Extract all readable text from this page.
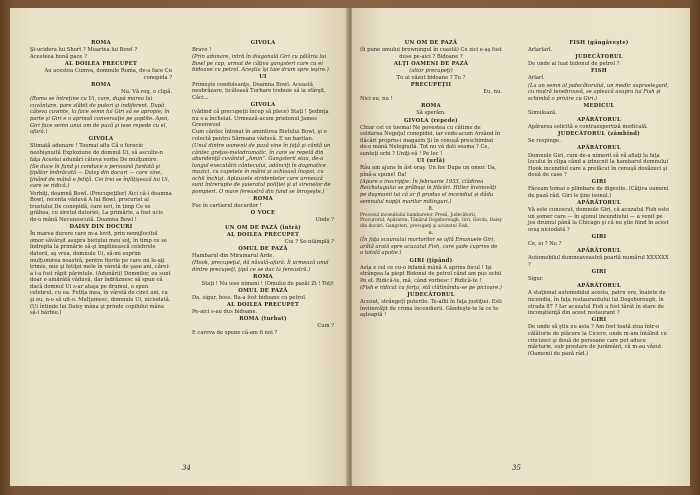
ROMA

Şi-ucidera lui Short ? Moartea lui Bowl ?

Acesteea bună pace ?

AL DOILEA PRECUPET

Au acestea Cumva, domnule Roma, de-a face Cu conopida ?

ROMA

Nu. Vă rog, o clipă.

(Roma se întreţine cu Ui, care, după marea lui cuvântare, pare slăbit de puteri şi indiferent. După câteva cuvinte, la face semn lui Giri să se apropie; în parte şi Giri e o aprinsă conversaţie pe şoptite. Apoi, Giri face semn unui om de pază şi iese repede cu el, afară.)

GIVOLA

Stimată adunare ! Toemai aflu Că o ferocie neobişnuită Exploziune de domnul Ui, să asculte-n faţa Acestei adunări câteva vorbe De mulţumire.

(Se duce în fund şi conduce o persoană fardată şi ţipător îmbrăcată — Daisy din docuri — care vine, ţinând de mână o fetiţă. Cei trei se înfăţişează lui Ui, care se ridică.)

Vorbiţi, doamnă Bowl. (Precupeţilor) Aici câ-i doamna Bowl, recenta văduvă A lui Bowl, procurist al trustului De conopidă, care ieri, în timp Ce se grăbea, cu siretul datoriei, La primărie, a fost ucis de-o mână Necunoscută. Doamna Bowl !

DAISY DIN DOCURI

În marea durere care m-a lovit, prin nemijlocitul omor săvârşit asupra bietului meu soţ, în timp ce se îndrepta la primărie să-şi împlinească celebrele datorii, aş vrea, domnule Ui, să-mi exprim mulţumirea noastră, pentru florile pe care mi le-aţi trimis, mie şi fetiţei mele în vârstă de şase ani, cărei-a i-a fost răpit părintele. (Adunării) Domnilor, eu sunt doar o amărâtă văduvă, dar îndrăznesc să spun că dacă domnul Ui s-ar ataşa pe drumul, o spun celebrul, cu ea. Fetiţa mea, în vârstă de cinci ani, ca şi eu, n-o să uit-o. Mulţumesc, domnule Ui, niciodată. (Ui întinde lui Daisy mâna şi prinde copilului mâna să-i bărbie.)

GIVOLA

Bravo !

(Prin adunare, intră în diagonală Giri cu pălăria lui Bowl pe cap, urmat de câţiva gangsteri care cu ei bidoane cu petrol. Aceştia îşi taie drum spre ieşire.)

UI

Primeşte condoleanţe, Doamna Bowl. Această neobrăzare, ticăloasă Turbare trebuie să ia sfârşit, Căci...

GIVOLA

(vădind că precupeţii încep să plece) Staţi ! Şedinţa nu s-a încheiat. Urmează-acum prietenul James Greenwool

Cum cântec întonat în amintirea Bietului Bowl, şi o colectă pentru Sărmana văduvă. E un baritan.

(Unul dintre oamenii de pază vine în faţă şi cântă un cântec greţos-melodramatic, în care se repetă din abundenţă cuvântul „Amin”. Gangsterii stau, de-a lungul executării cântecului, adânciţi în dogmatice muzici, cu capetele în mâini şi ochioasă înapoi, cu ochii închişi. Aplauzele stridentelor care urmează sunt întrerupte de şuieratul poliţiei şi al sirenelor de pompieri. O mare fereastră din fund se înroşeşte.)

ROMA

Foc în cartierul docurilor !

O VOCE

Unde ?

UN OM DE PAZĂ (intră)

AL DOILEA PRECUPET

Cui ? Se-ntâmplă ?

OMUL DE PAZĂ

Hambarul din Miramarul Arde.

(Hook, precupeţul, dă năvală-afară. Îi urmează unul dintre precupeţi, ţipă ce se duc la fereastră.)

ROMA

Staţi ! Nu iese nimeni ! (Omului de pază) Zi ! Toţi!

OMUL DE PAZĂ

Da, sigur, boss. Ba-a fost bidoane cu petrol.

AL DOILEA PRECUPET

Pe-aici s-au dus bidoane.

ROMA (turbat)

Cum ?

E careva de spune că-am fi noi ?

34

UN OM DE PAZĂ

(îi pune omului browningul în coastă) Ce zici e-aş fost duse pe-aici ? Bidoane ?

ALŢI OAMENI DE PAZĂ

(altor precupeţi)

Tu ai văzut bidoane ? Tu ?

PRECUPEŢII

Eu, nu.

Nici eu, nu !

ROMA

Să sperăm.

GIVOLA (repede)

Chiar cel ce toemai Ne povestea cu câtime de soldarea Negoţul conopidei, iar vede-acum Arzând în flăcări propriu-i magazin Şi în cenuşă preschimbat de-o mână Nelegiuită. Tot nu vă dati seama ? Ce, sunteţi orbi ? Uniţi-vă ! Pe loc !

UI (urlă)

Râu am ajuns în ăst oraş. Un foc Dupa un omor. Da, pînă-a spune! Da!

(Apare o inscripţie: În februarie 1933, clădirea Reichstagului se prăbuşi în flăcări. Hitler învinovăţi pe duşmanii lui că ar fi produs el incendiul şi dădu semnalul nopţii marilor mitinguri.)

8.

Procesul incendiului hambarelor. Presă, Judecătorii, Procurorul, Apărarea, Tânărul Dogsborough, Giri, Givola, Daisy din docuri. Gangsteri, precupeţi şi acuzatul Fish.

a.

(În faţa scaunului martorilor se află Emanuele Giri, arătă arată spre acuzatul Fish, care şade cuprins de o totală apatie.)

GIRI (ţipând)

Asta e cel ce cu-o infamă mână A aprins focul ! Işi strângea la piept Bidonul de petrol când am pus ochii Pe el. Ridică-te, mă, când vorbesc ! Ridică-te !

(Fish e ridicat cu forţa, stă clătinându-se pe picioare.)

JUDECĂTORUL

Acuzat, strângeţi puterile. Te-aflii în faţa justiţiei. Esti învinovăţit de crima incendierii. Gândeşte-te la ce te aşteaptă !

FISH (gângăveşte)

Arlarlarl.

JUDECĂTORUL

De unde ai luat bidonul de petrol ?

FISH

Arlarl.

(La un semn al judecătorului, un medic supraelegant, cu mutră tenebroasă, se apleacă asupra lui Fish şi schimbă o privire cu Giri.)

MEDICUL

Simulează.

APĂRĂTORUL

Apărarea solicită o contraexpertiză medicală.

JUDECĂTORUL (zâmbind)

Se respinge.

APĂRĂTORUL

Domnule Giri, cum de-a nimerit să vă aflaţi la faţa locului în clipa când a izbucnit la hambarul domnului Hook incendiul care a prefăcut în cenuşă douăzeci şi două de case ?

GIRI

Făceam tomai o plimbare de digestie. (Câţiva oameni de pază râd. Giri le ţine isonul.)

APĂRĂTORUL

Vă este cunoscut, domnule Giri, că acuzatul Fish este un şomer care — în ajunul incendiului — a venit pe jos drumul până la Chicago şi că nu ştie fiind în acest oraş niciodată ?

GIRI

Ce, ei ? Nu ?

APĂRĂTORUL

Automobilul dumneavoastră poartă numărul XXXXXX ?

GIRI

Sigur.

APĂRĂTORUL

A staţionat automobilul acesta, patru ore, înainte de incendiu, în faţa restaurantului lui Dogsborough, în strada 87 ? Iar acuzatul Fish a fost târât în stare de inconştienţă din acest restaurant ?

GIRI

De unde să ştiu eu asta ? Am fost toată ziua într-o călătorie de plăcere la Cicero, unde m-am întâlnit cu cincizeci şi două de persoane care pot aduce mărturie, sub prestare de jurământ, că m-au văzut. (Oamenii de pază râd.)

35
